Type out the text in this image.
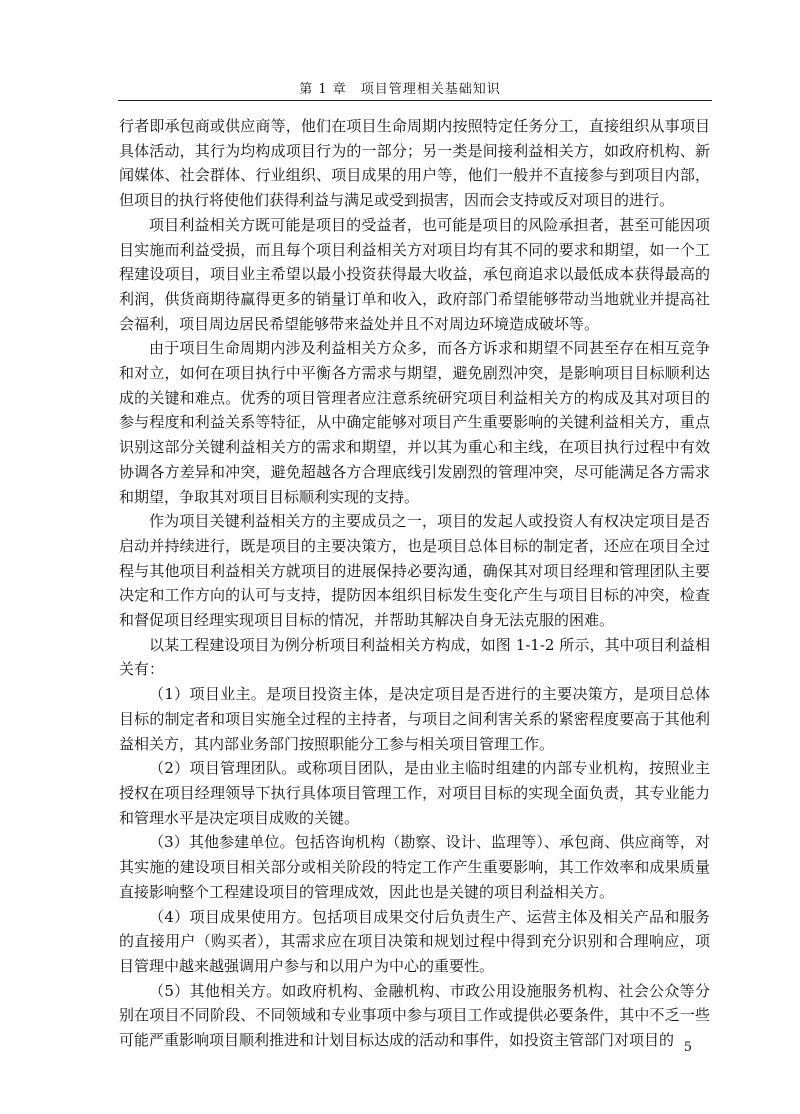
第 1 章　项目管理相关基础知识

行者即承包商或供应商等，他们在项目生命周期内按照特定任务分工，直接组织从事项目具体活动，其行为均构成项目行为的一部分；另一类是间接利益相关方，如政府机构、新闻媒体、社会群体、行业组织、项目成果的用户等，他们一般并不直接参与到项目内部，但项目的执行将使他们获得利益与满足或受到损害，因而会支持或反对项目的进行。

项目利益相关方既可能是项目的受益者，也可能是项目的风险承担者，甚至可能因项目实施而利益受损，而且每个项目利益相关方对项目均有其不同的要求和期望，如一个工程建设项目，项目业主希望以最小投资获得最大收益，承包商追求以最低成本获得最高的利润，供货商期待赢得更多的销量订单和收入，政府部门希望能够带动当地就业并提高社会福利，项目周边居民希望能够带来益处并且不对周边环境造成破坏等。

由于项目生命周期内涉及利益相关方众多，而各方诉求和期望不同甚至存在相互竞争和对立，如何在项目执行中平衡各方需求与期望，避免剧烈冲突，是影响项目目标顺利达成的关键和难点。优秀的项目管理者应注意系统研究项目利益相关方的构成及其对项目的参与程度和利益关系等特征，从中确定能够对项目产生重要影响的关键利益相关方，重点识别这部分关键利益相关方的需求和期望，并以其为重心和主线，在项目执行过程中有效协调各方差异和冲突，避免超越各方合理底线引发剧烈的管理冲突，尽可能满足各方需求和期望，争取其对项目目标顺利实现的支持。

作为项目关键利益相关方的主要成员之一，项目的发起人或投资人有权决定项目是否启动并持续进行，既是项目的主要决策方，也是项目总体目标的制定者，还应在项目全过程与其他项目利益相关方就项目的进展保持必要沟通，确保其对项目经理和管理团队主要决定和工作方向的认可与支持，提防因本组织目标发生变化产生与项目目标的冲突，检查和督促项目经理实现项目目标的情况，并帮助其解决自身无法克服的困难。

以某工程建设项目为例分析项目利益相关方构成，如图 1-1-2 所示，其中项目利益相关有：

（1）项目业主。是项目投资主体，是决定项目是否进行的主要决策方，是项目总体目标的制定者和项目实施全过程的主持者，与项目之间利害关系的紧密程度要高于其他利益相关方，其内部业务部门按照职能分工参与相关项目管理工作。

（2）项目管理团队。或称项目团队，是由业主临时组建的内部专业机构，按照业主授权在项目经理领导下执行具体项目管理工作，对项目目标的实现全面负责，其专业能力和管理水平是决定项目成败的关键。

（3）其他参建单位。包括咨询机构（勘察、设计、监理等）、承包商、供应商等，对其实施的建设项目相关部分或相关阶段的特定工作产生重要影响，其工作效率和成果质量直接影响整个工程建设项目的管理成效，因此也是关键的项目利益相关方。

（4）项目成果使用方。包括项目成果交付后负责生产、运营主体及相关产品和服务的直接用户（购买者），其需求应在项目决策和规划过程中得到充分识别和合理响应，项目管理中越来越强调用户参与和以用户为中心的重要性。

（5）其他相关方。如政府机构、金融机构、市政公用设施服务机构、社会公众等分别在项目不同阶段、不同领域和专业事项中参与项目工作或提供必要条件，其中不乏一些可能严重影响项目顺利推进和计划目标达成的活动和事件，如投资主管部门对项目的 5
